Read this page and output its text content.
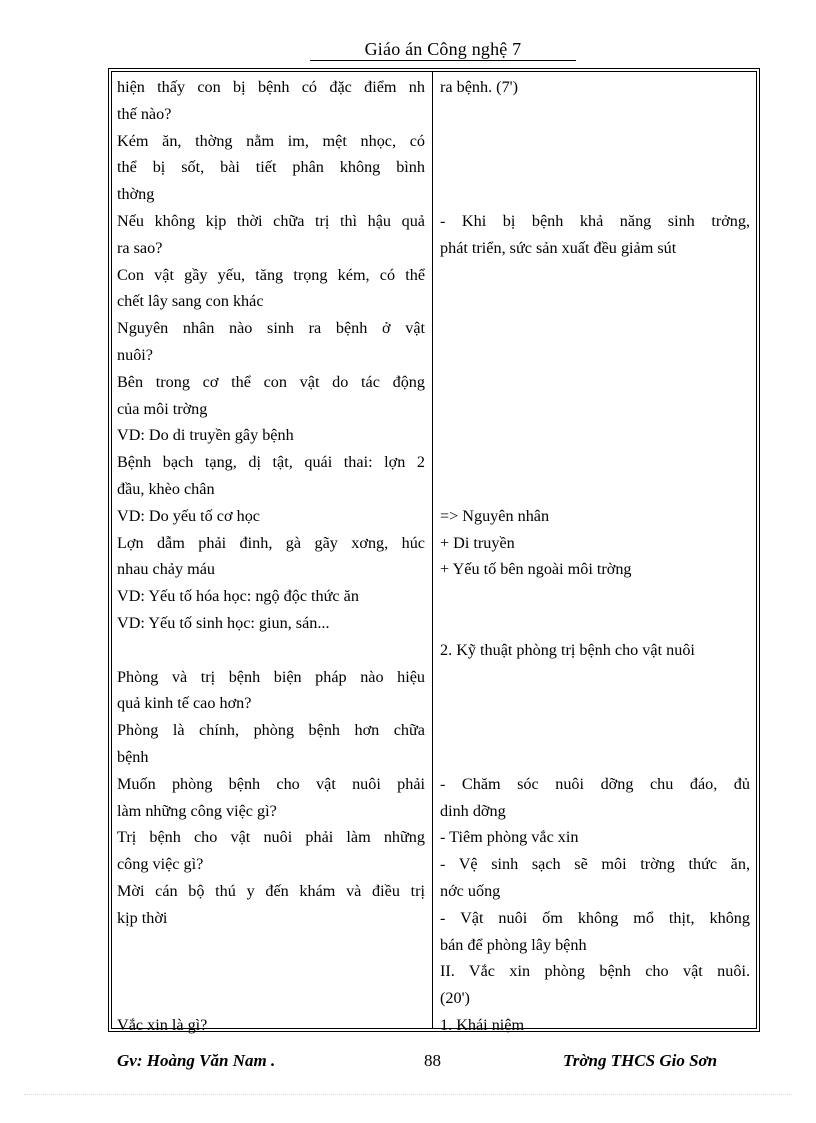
Giáo án Công nghệ 7
hiện thấy con bị bệnh có đặc điểm nh
thế nào?
Kém ăn, thờng nằm im, mệt nhọc, có
thể bị sốt, bài tiết phân không bình
thờng
Nếu không kịp thời chữa trị thì hậu quả
ra sao?
Con vật gầy yếu, tăng trọng kém, có thể
chết lây sang con khác
Nguyên nhân nào sinh ra bệnh ở vật
nuôi?
Bên trong cơ thể con vật do tác động
của môi trờng
VD: Do di truyền gây bệnh
Bệnh bạch tạng, dị tật, quái thai: lợn 2
đầu, khèo chân
VD: Do yếu tố cơ học
Lợn dẫm phải đinh, gà gãy xơng, húc
nhau chảy máu
VD: Yếu tố hóa học: ngộ độc thức ăn
VD: Yếu tố sinh học: giun, sán...

Phòng và trị bệnh biện pháp nào hiệu
quả kinh tế cao hơn?
Phòng là chính, phòng bệnh hơn chữa
bệnh
Muốn phòng bệnh cho vật nuôi phải
làm những công việc gì?
Trị bệnh cho vật nuôi phải làm những
công việc gì?
Mời cán bộ thú y đến khám và điều trị
kịp thời

Vắc xin là gì?
ra bệnh. (7')

- Khi bị bệnh khả năng sinh trởng,
phát triển, sức sản xuất đều giảm sút

=> Nguyên nhân
+ Di truyền
+ Yếu tố bên ngoài môi trờng

2. Kỹ thuật phòng trị bệnh cho vật nuôi

- Chăm sóc nuôi dỡng chu đáo, đủ
dinh dỡng
- Tiêm phòng vắc xin
- Vệ sinh sạch sẽ môi trờng thức ăn,
nớc uống
- Vật nuôi ốm không mổ thịt, không
bán để phòng lây bệnh
II. Vắc xin phòng bệnh cho vật nuôi.
(20')
1. Khái niệm
Gv: Hoàng Văn Nam .	88	Trờng THCS Gio Sơn
